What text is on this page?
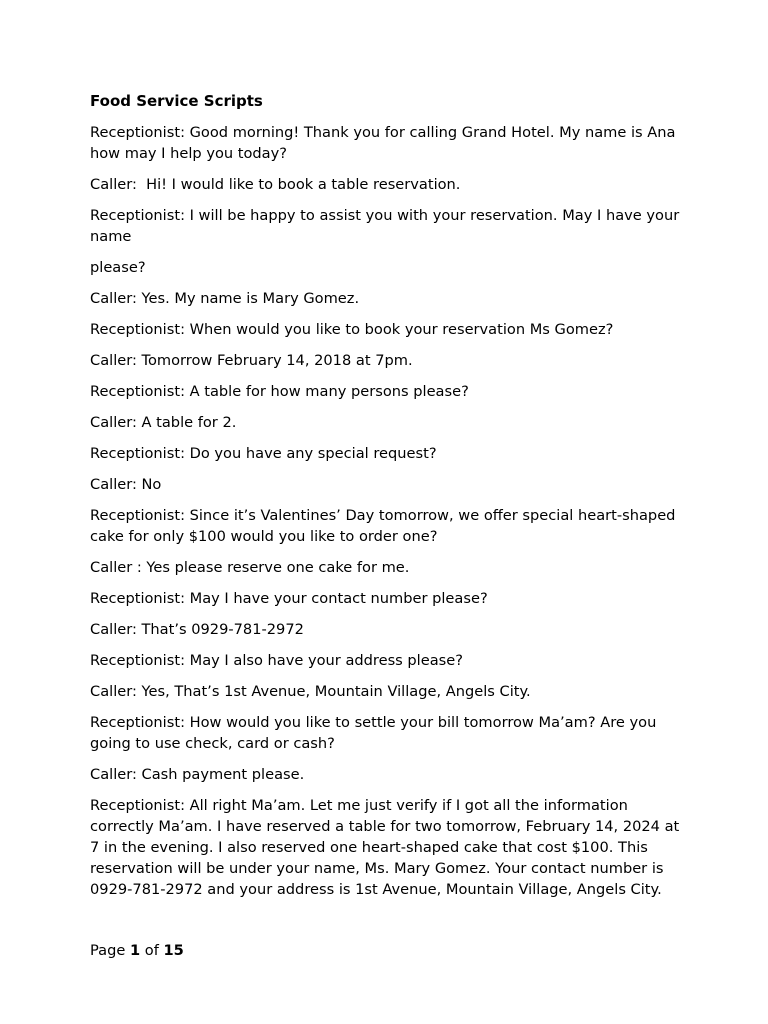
Food Service Scripts

Receptionist: Good morning! Thank you for calling Grand Hotel. My name is Ana how may I help you today?

Caller:  Hi! I would like to book a table reservation.

Receptionist: I will be happy to assist you with your reservation. May I have your name

please?

Caller: Yes. My name is Mary Gomez.

Receptionist: When would you like to book your reservation Ms Gomez?

Caller: Tomorrow February 14, 2018 at 7pm.

Receptionist: A table for how many persons please?

Caller: A table for 2.

Receptionist: Do you have any special request?

Caller: No

Receptionist: Since it’s Valentines’ Day tomorrow, we offer special heart-shaped cake for only $100 would you like to order one?

Caller : Yes please reserve one cake for me.

Receptionist: May I have your contact number please?

Caller: That’s 0929-781-2972

Receptionist: May I also have your address please?

Caller: Yes, That’s 1st Avenue, Mountain Village, Angels City.

Receptionist: How would you like to settle your bill tomorrow Ma’am? Are you going to use check, card or cash?

Caller: Cash payment please.

Receptionist: All right Ma’am. Let me just verify if I got all the information correctly Ma’am. I have reserved a table for two tomorrow, February 14, 2024 at 7 in the evening. I also reserved one heart-shaped cake that cost $100. This reservation will be under your name, Ms. Mary Gomez. Your contact number is 0929-781-2972 and your address is 1st Avenue, Mountain Village, Angels City.

Page 1 of 15
